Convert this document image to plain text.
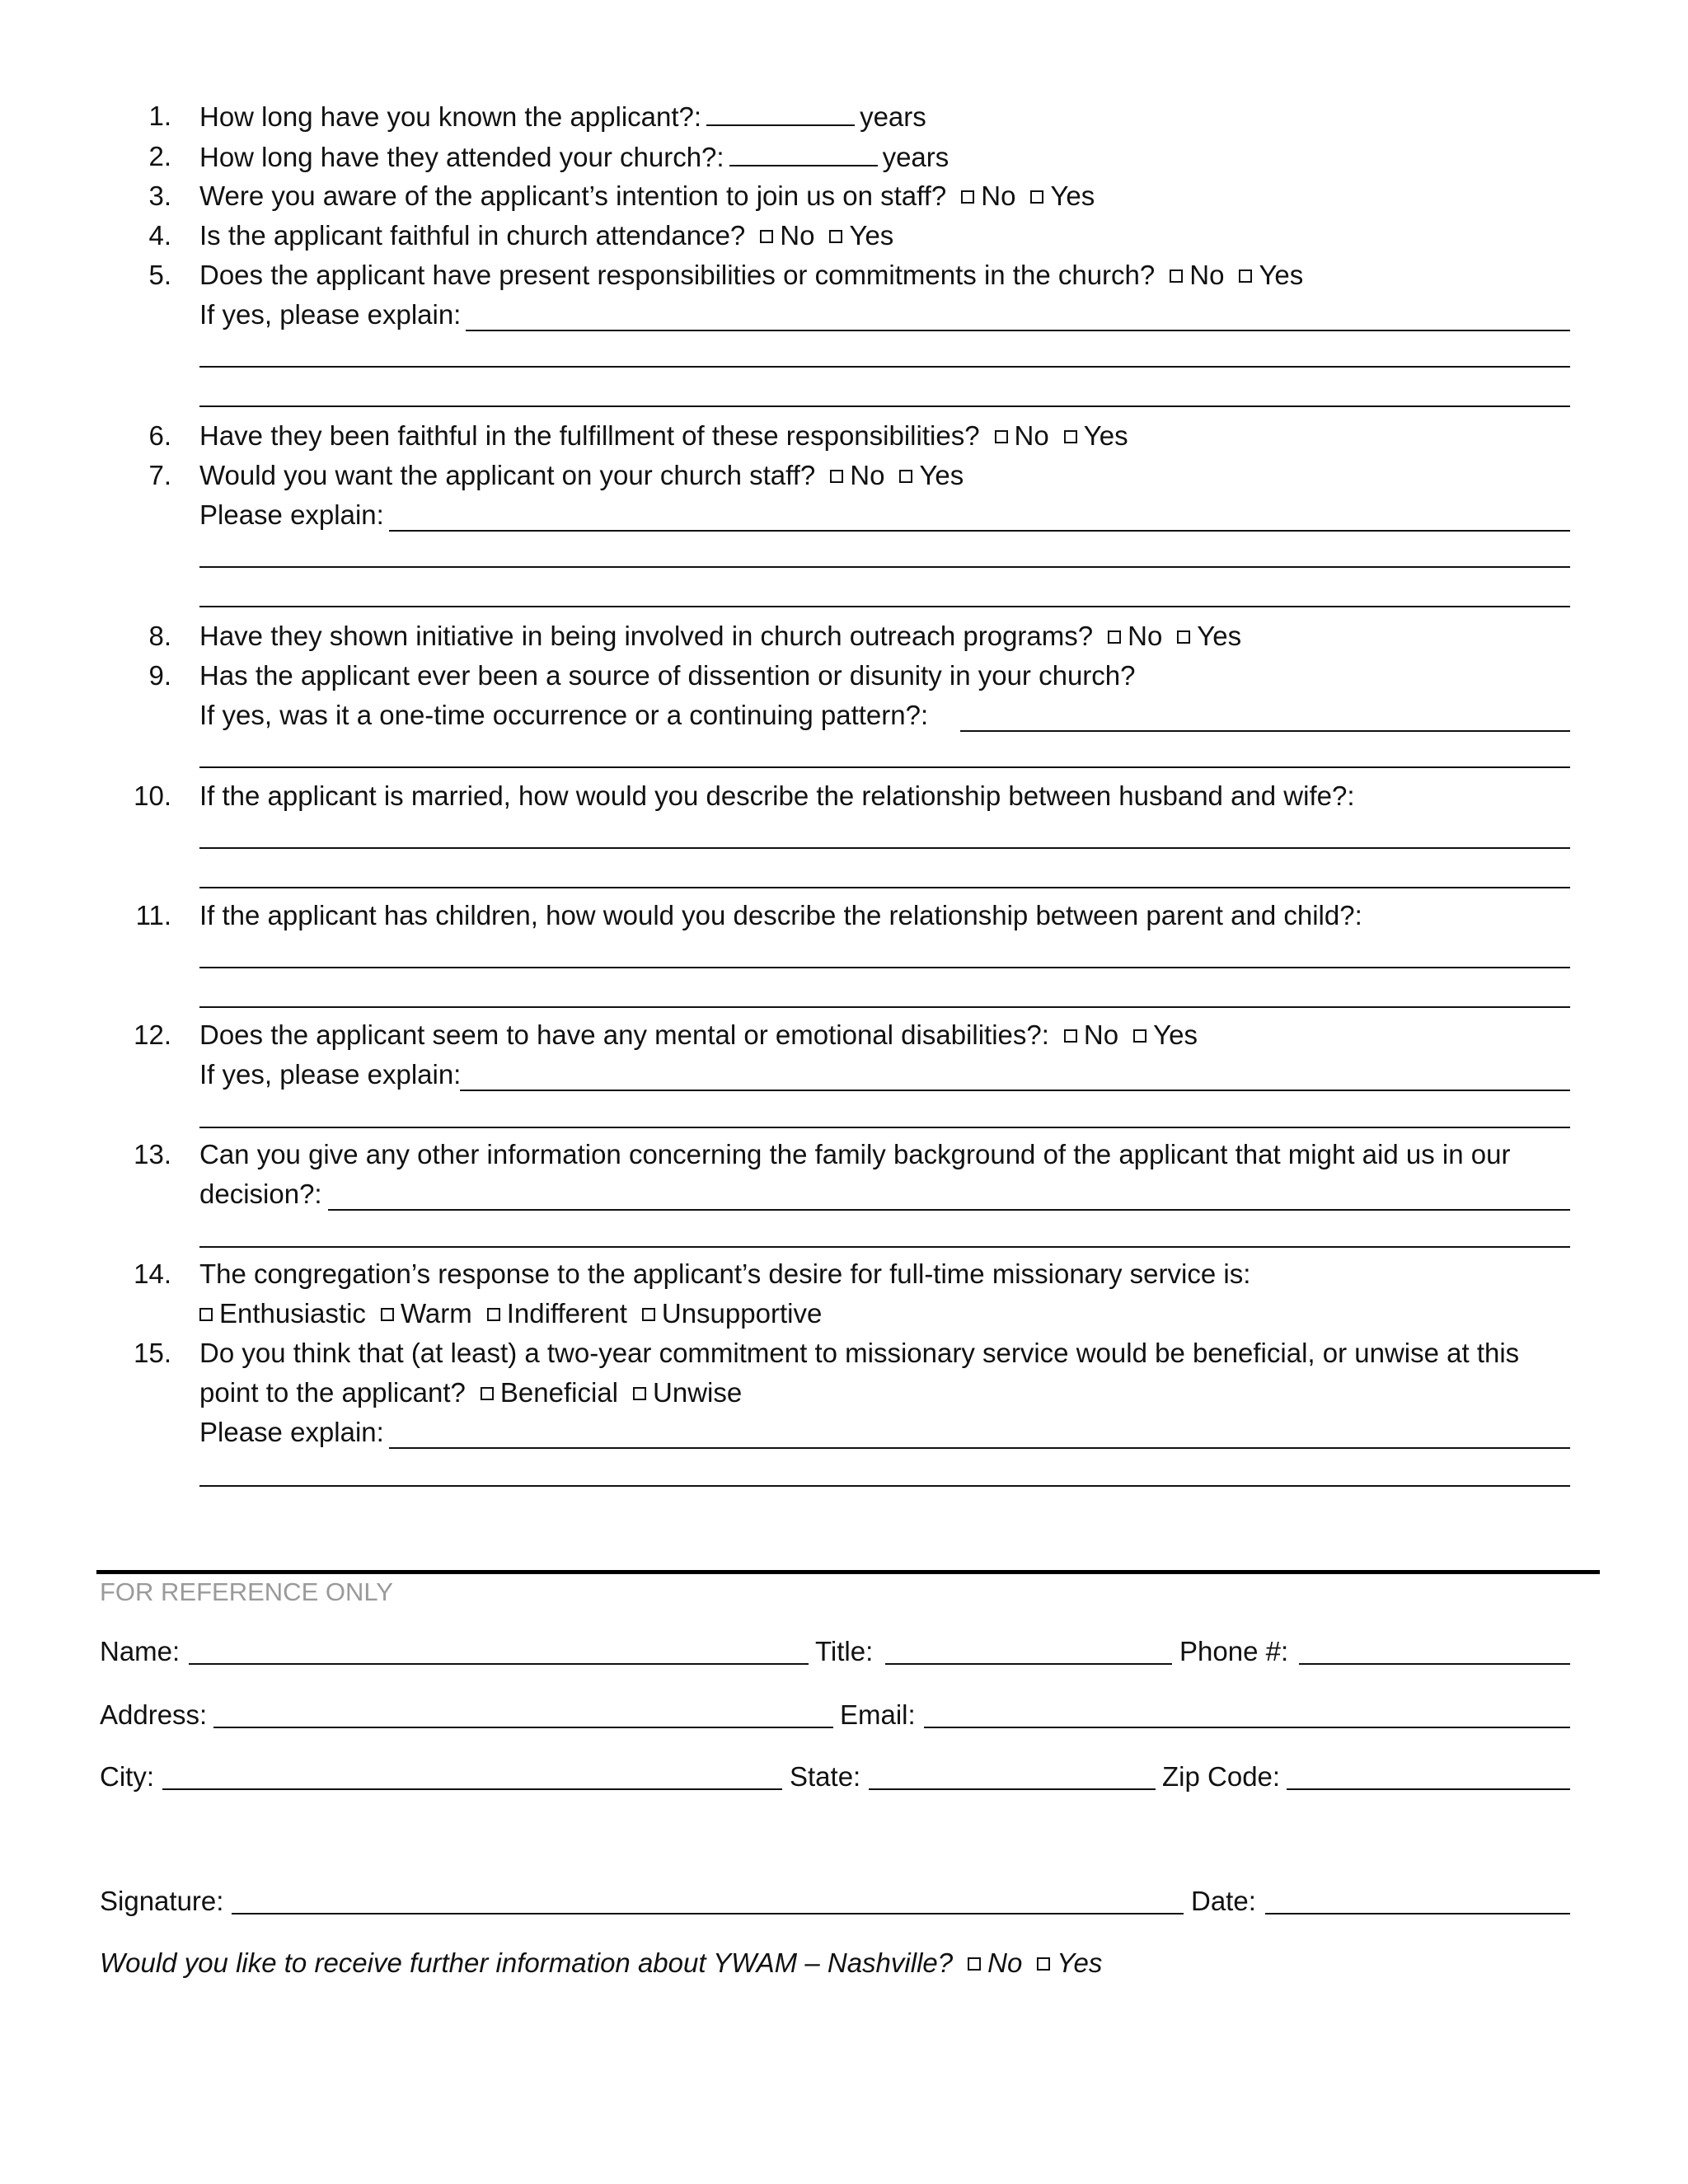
1. How long have you known the applicant?:	years
2. How long have they attended your church?:	years
3. Were you aware of the applicant’s intention to join us on staff? No Yes
4. Is the applicant faithful in church attendance? No Yes
5. Does the applicant have present responsibilities or commitments in the church? No Yes
If yes, please explain:
6. Have they been faithful in the fulfillment of these responsibilities? No Yes
7. Would you want the applicant on your church staff? No Yes
Please explain:
8. Have they shown initiative in being involved in church outreach programs? No Yes
9. Has the applicant ever been a source of dissention or disunity in your church?
If yes, was it a one-time occurrence or a continuing pattern?:
10. If the applicant is married, how would you describe the relationship between husband and wife?:
11. If the applicant has children, how would you describe the relationship between parent and child?:
12. Does the applicant seem to have any mental or emotional disabilities?: No Yes
If yes, please explain:
13. Can you give any other information concerning the family background of the applicant that might aid us in our
decision?:
14. The congregation’s response to the applicant’s desire for full-time missionary service is:
Enthusiastic Warm Indifferent Unsupportive
15. Do you think that (at least) a two-year commitment to missionary service would be beneficial, or unwise at this
point to the applicant? Beneficial Unwise
Please explain:
FOR REFERENCE ONLY
Name:	Title:	Phone #:
Address:	Email:
City:	State:	Zip Code:
Signature:	Date:
Would you like to receive further information about YWAM – Nashville? No Yes
